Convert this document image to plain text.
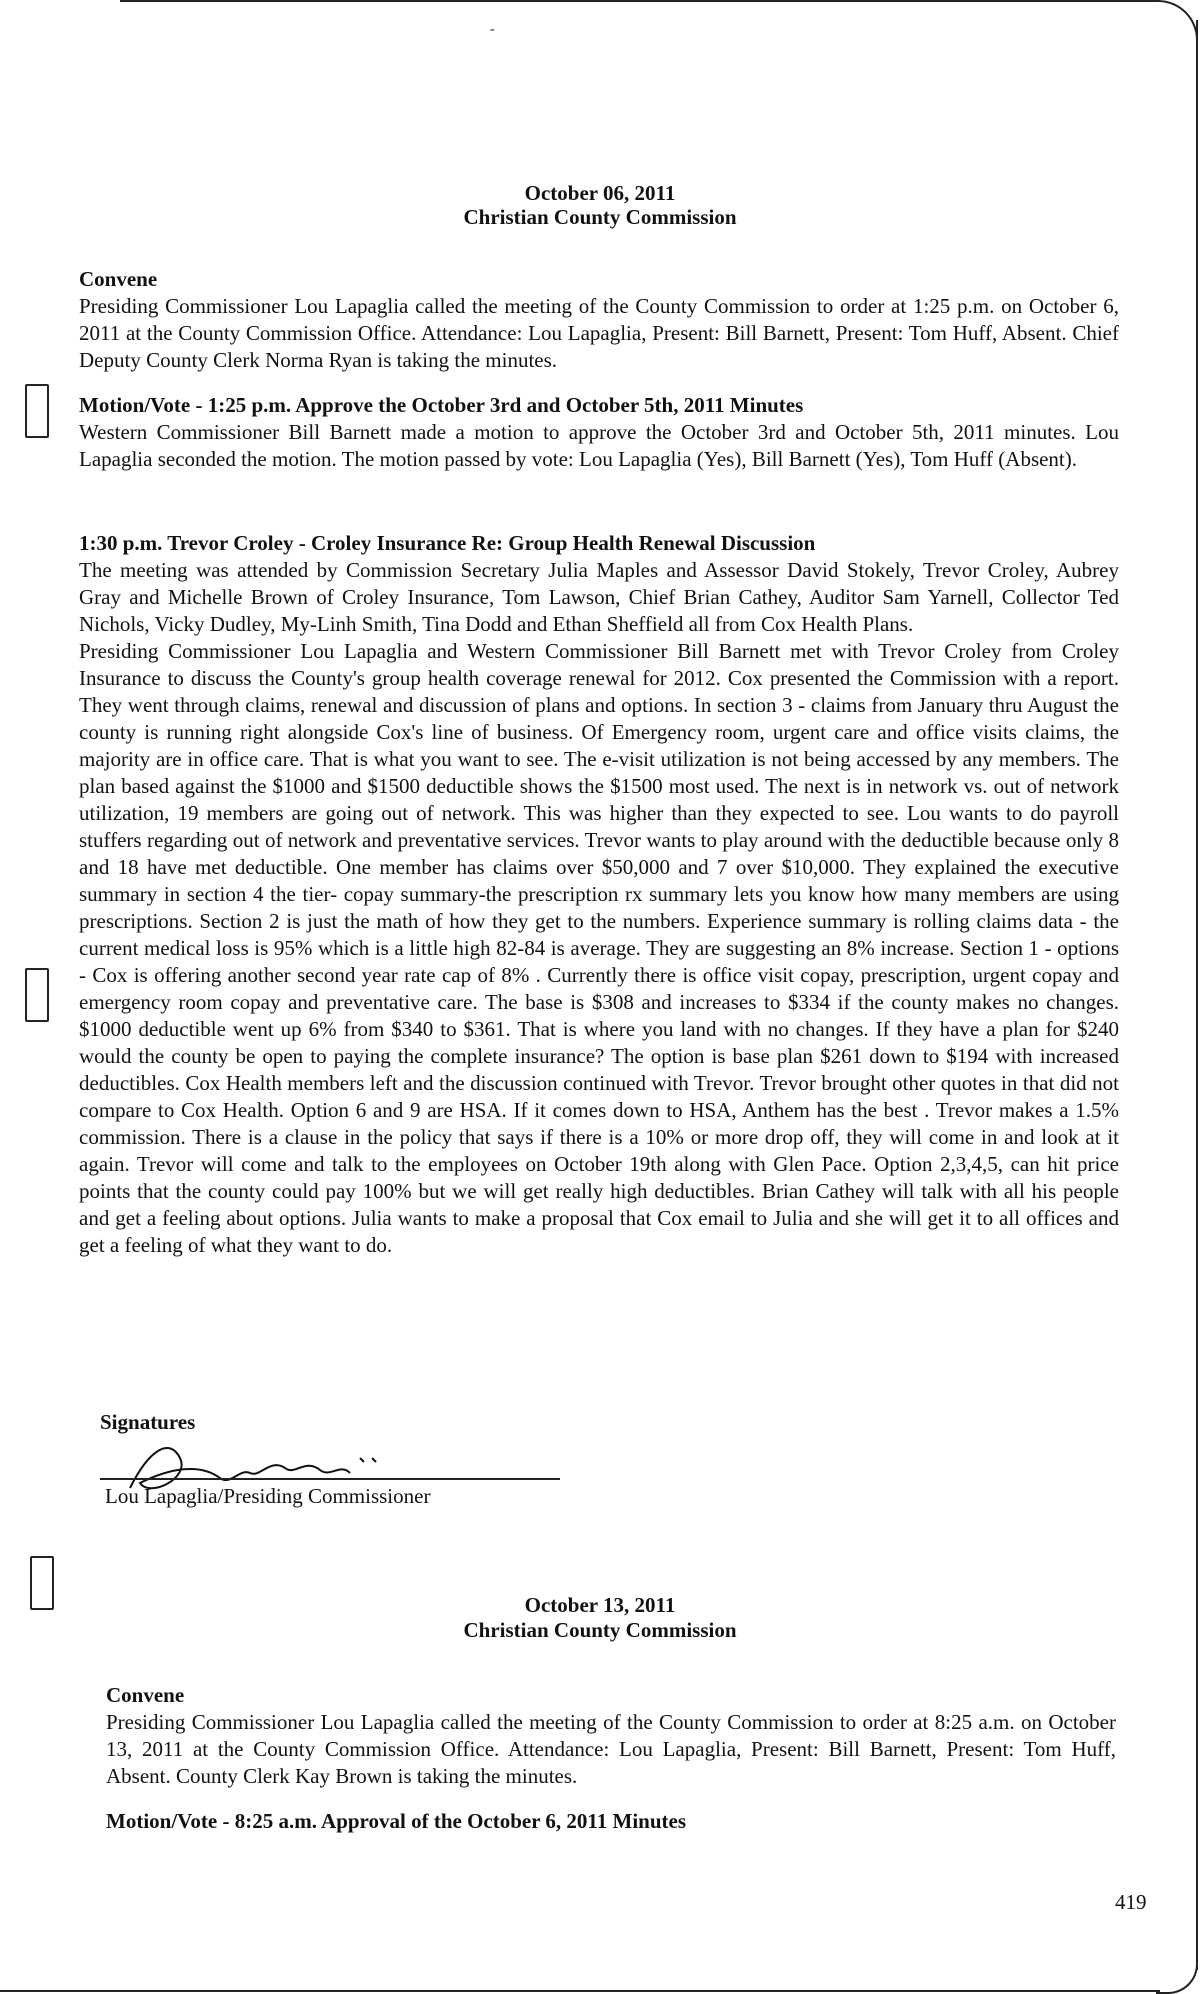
-
October 06, 2011
Christian County Commission
Convene

Presiding Commissioner Lou Lapaglia called the meeting of the County Commission to order at 1:25 p.m. on October 6, 2011 at the County Commission Office. Attendance: Lou Lapaglia, Present: Bill Barnett, Present: Tom Huff, Absent. Chief Deputy County Clerk Norma Ryan is taking the minutes.

Motion/Vote - 1:25 p.m. Approve the October 3rd and October 5th, 2011 Minutes

Western Commissioner Bill Barnett made a motion to approve the October 3rd and October 5th, 2011 minutes. Lou Lapaglia seconded the motion. The motion passed by vote: Lou Lapaglia (Yes), Bill Barnett (Yes), Tom Huff (Absent).

1:30 p.m. Trevor Croley - Croley Insurance Re: Group Health Renewal Discussion

The meeting was attended by Commission Secretary Julia Maples and Assessor David Stokely, Trevor Croley, Aubrey Gray and Michelle Brown of Croley Insurance, Tom Lawson, Chief Brian Cathey, Auditor Sam Yarnell, Collector Ted Nichols, Vicky Dudley, My-Linh Smith, Tina Dodd and Ethan Sheffield all from Cox Health Plans.

Presiding Commissioner Lou Lapaglia and Western Commissioner Bill Barnett met with Trevor Croley from Croley Insurance to discuss the County's group health coverage renewal for 2012. Cox presented the Commission with a report. They went through claims, renewal and discussion of plans and options. In section 3 - claims from January thru August the county is running right alongside Cox's line of business. Of Emergency room, urgent care and office visits claims, the majority are in office care. That is what you want to see. The e-visit utilization is not being accessed by any members. The plan based against the $1000 and $1500 deductible shows the $1500 most used. The next is in network vs. out of network utilization, 19 members are going out of network. This was higher than they expected to see. Lou wants to do payroll stuffers regarding out of network and preventative services. Trevor wants to play around with the deductible because only 8 and 18 have met deductible. One member has claims over $50,000 and 7 over $10,000. They explained the executive summary in section 4 the tier- copay summary-the prescription rx summary lets you know how many members are using prescriptions. Section 2 is just the math of how they get to the numbers. Experience summary is rolling claims data - the current medical loss is 95% which is a little high 82-84 is average. They are suggesting an 8% increase. Section 1 - options - Cox is offering another second year rate cap of 8% . Currently there is office visit copay, prescription, urgent copay and emergency room copay and preventative care. The base is $308 and increases to $334 if the county makes no changes. $1000 deductible went up 6% from $340 to $361. That is where you land with no changes. If they have a plan for $240 would the county be open to paying the complete insurance? The option is base plan $261 down to $194 with increased deductibles. Cox Health members left and the discussion continued with Trevor. Trevor brought other quotes in that did not compare to Cox Health. Option 6 and 9 are HSA. If it comes down to HSA, Anthem has the best . Trevor makes a 1.5% commission. There is a clause in the policy that says if there is a 10% or more drop off, they will come in and look at it again. Trevor will come and talk to the employees on October 19th along with Glen Pace. Option 2,3,4,5, can hit price points that the county could pay 100% but we will get really high deductibles. Brian Cathey will talk with all his people and get a feeling about options. Julia wants to make a proposal that Cox email to Julia and she will get it to all offices and get a feeling of what they want to do.

Signatures
Lou Lapaglia/Presiding Commissioner
October 13, 2011
Christian County Commission
Convene

Presiding Commissioner Lou Lapaglia called the meeting of the County Commission to order at 8:25 a.m. on October 13, 2011 at the County Commission Office. Attendance: Lou Lapaglia, Present: Bill Barnett, Present: Tom Huff, Absent. County Clerk Kay Brown is taking the minutes.

Motion/Vote - 8:25 a.m. Approval of the October 6, 2011 Minutes
419
